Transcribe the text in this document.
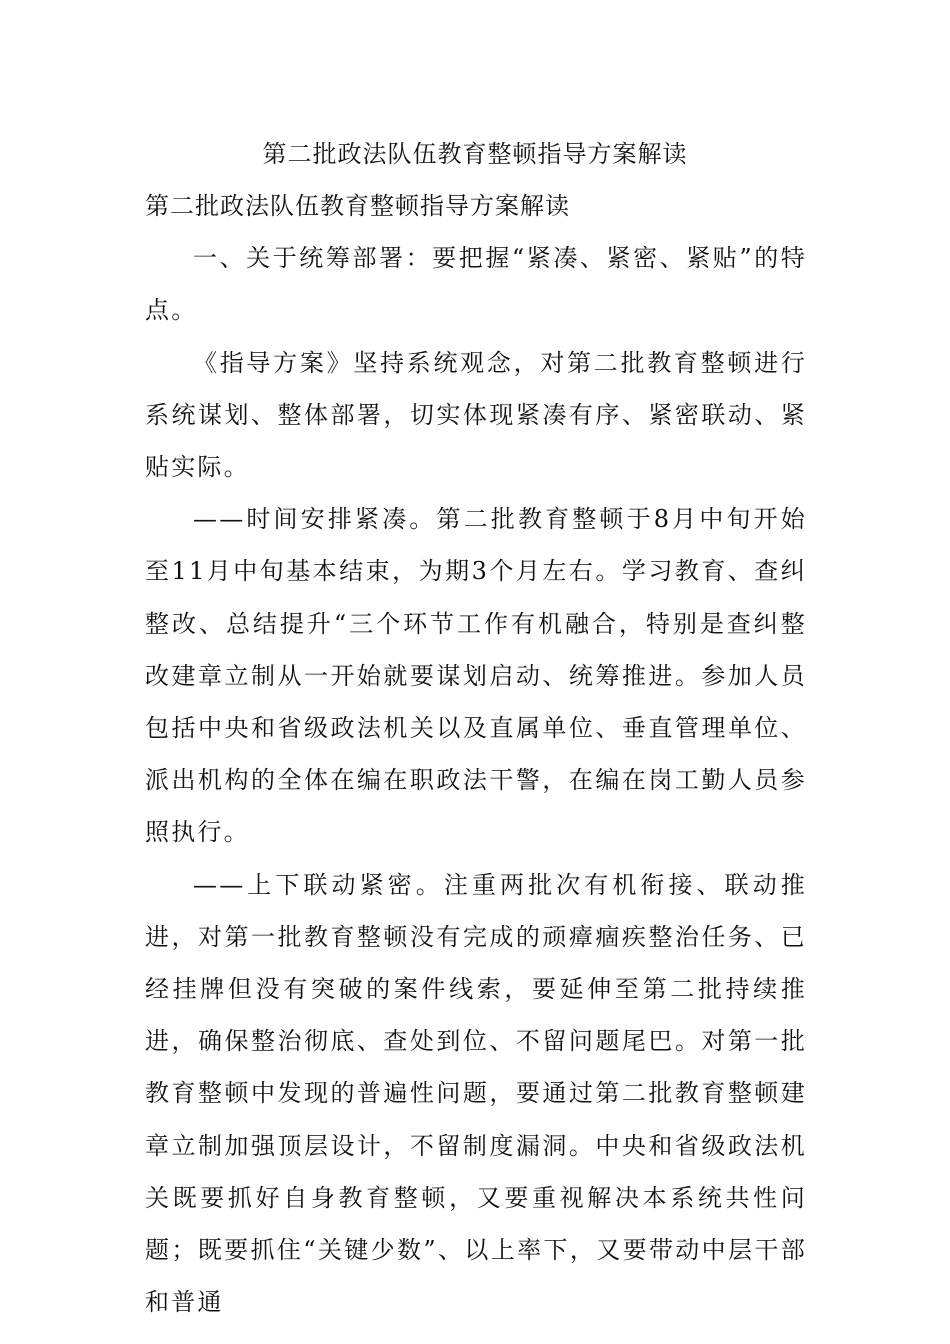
第二批政法队伍教育整顿指导方案解读

第二批政法队伍教育整顿指导方案解读

一、关于统筹部署：要把握“紧凑、紧密、紧贴”的特点。

《指导方案》坚持系统观念，对第二批教育整顿进行系统谋划、整体部署，切实体现紧凑有序、紧密联动、紧贴实际。

——时间安排紧凑。第二批教育整顿于8月中旬开始至11月中旬基本结束，为期3个月左右。学习教育、查纠整改、总结提升“三个环节工作有机融合，特别是查纠整改建章立制从一开始就要谋划启动、统筹推进。参加人员包括中央和省级政法机关以及直属单位、垂直管理单位、派出机构的全体在编在职政法干警，在编在岗工勤人员参照执行。

——上下联动紧密。注重两批次有机衔接、联动推进，对第一批教育整顿没有完成的顽瘴痼疾整治任务、已经挂牌但没有突破的案件线索，要延伸至第二批持续推进，确保整治彻底、查处到位、不留问题尾巴。对第一批教育整顿中发现的普遍性问题，要通过第二批教育整顿建章立制加强顶层设计，不留制度漏洞。中央和省级政法机关既要抓好自身教育整顿，又要重视解决本系统共性问题；既要抓住“关键少数”、以上率下，又要带动中层干部和普通
